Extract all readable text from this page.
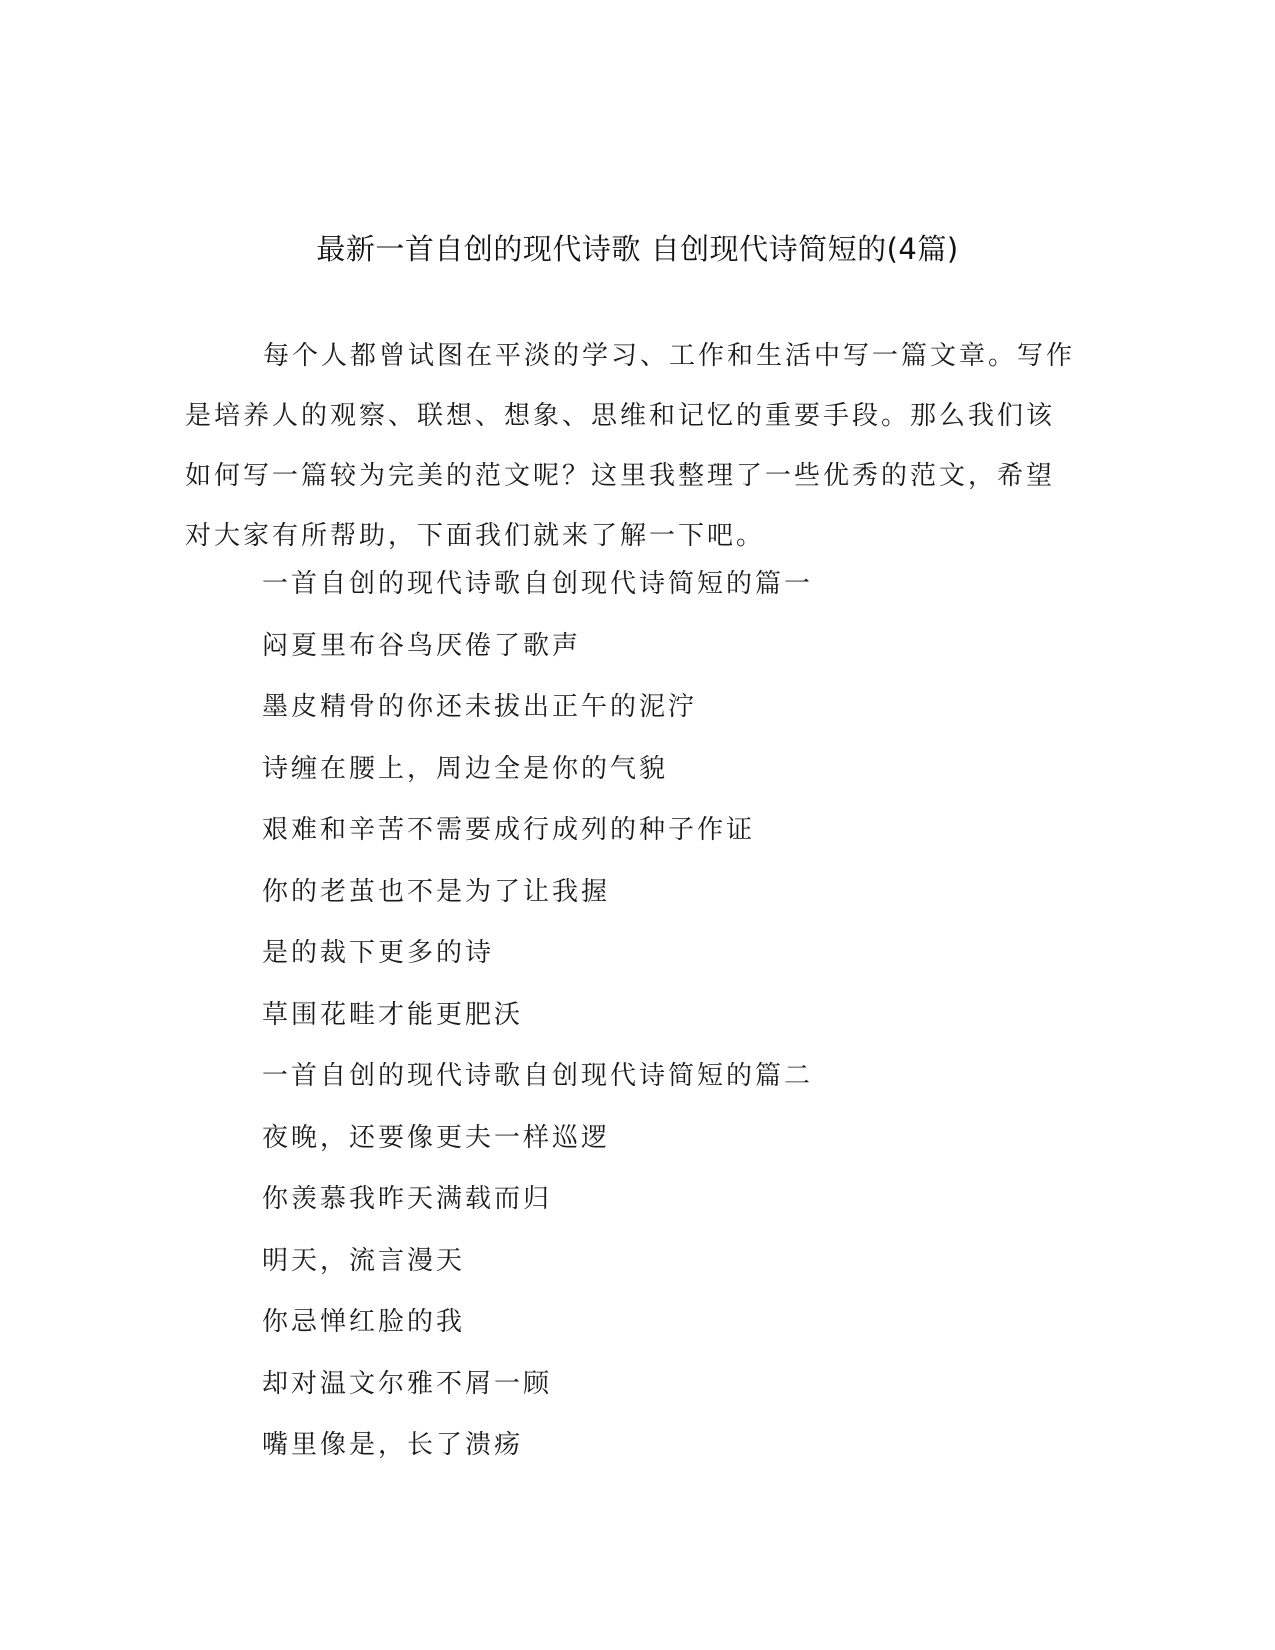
最新一首自创的现代诗歌 自创现代诗简短的(4篇)
每个人都曾试图在平淡的学习、工作和生活中写一篇文章。写作
是培养人的观察、联想、想象、思维和记忆的重要手段。那么我们该
如何写一篇较为完美的范文呢？这里我整理了一些优秀的范文，希望
对大家有所帮助，下面我们就来了解一下吧。
一首自创的现代诗歌自创现代诗简短的篇一
闷夏里布谷鸟厌倦了歌声
墨皮精骨的你还未拔出正午的泥泞
诗缠在腰上，周边全是你的气貌
艰难和辛苦不需要成行成列的种子作证
你的老茧也不是为了让我握
是的裁下更多的诗
草围花畦才能更肥沃
一首自创的现代诗歌自创现代诗简短的篇二
夜晚，还要像更夫一样巡逻
你羡慕我昨天满载而归
明天，流言漫天
你忌惮红脸的我
却对温文尔雅不屑一顾
嘴里像是，长了溃疡
